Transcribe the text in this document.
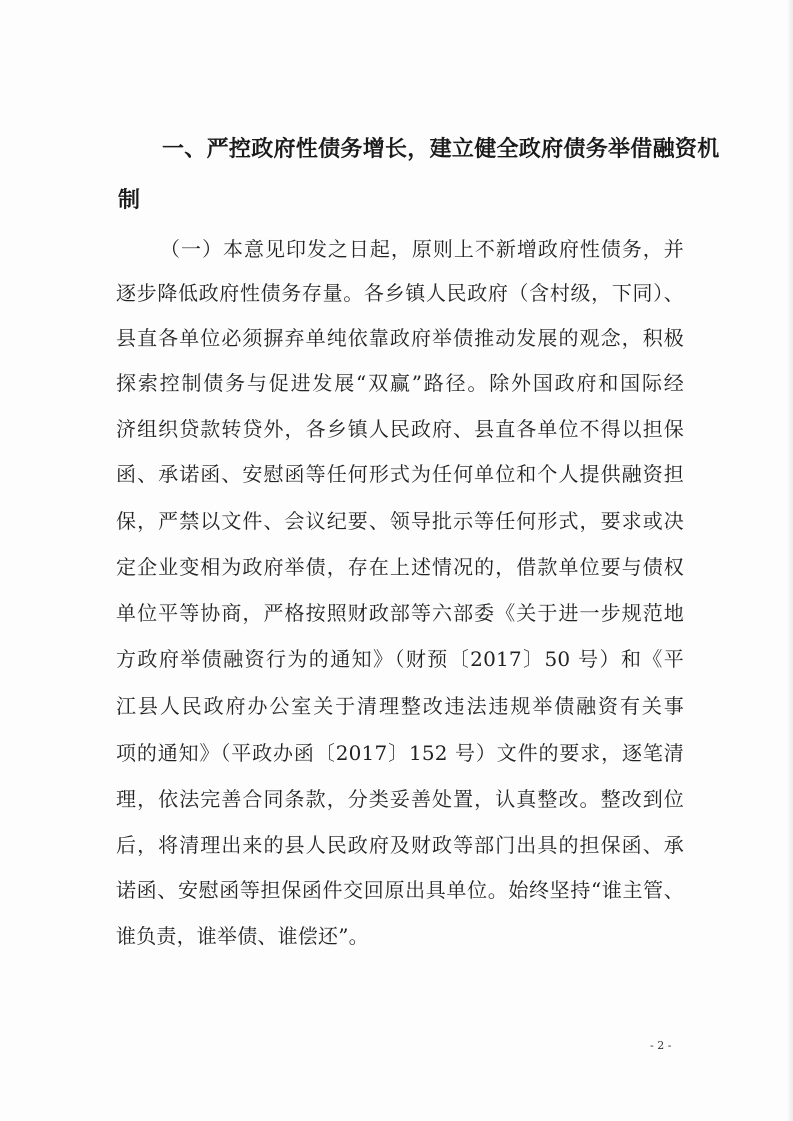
一、严控政府性债务增长，建立健全政府债务举借融资机
制
（一）本意见印发之日起，原则上不新增政府性债务，并
逐步降低政府性债务存量。各乡镇人民政府（含村级，下同）、
县直各单位必须摒弃单纯依靠政府举债推动发展的观念，积极
探索控制债务与促进发展“双赢”路径。除外国政府和国际经
济组织贷款转贷外，各乡镇人民政府、县直各单位不得以担保
函、承诺函、安慰函等任何形式为任何单位和个人提供融资担
保，严禁以文件、会议纪要、领导批示等任何形式，要求或决
定企业变相为政府举债，存在上述情况的，借款单位要与债权
单位平等协商，严格按照财政部等六部委《关于进一步规范地
方政府举债融资行为的通知》（财预〔2017〕50 号）和《平
江县人民政府办公室关于清理整改违法违规举债融资有关事
项的通知》（平政办函〔2017〕152 号）文件的要求，逐笔清
理，依法完善合同条款，分类妥善处置，认真整改。整改到位
后，将清理出来的县人民政府及财政等部门出具的担保函、承
诺函、安慰函等担保函件交回原出具单位。始终坚持“谁主管、
谁负责，谁举债、谁偿还”。
- 2 -
